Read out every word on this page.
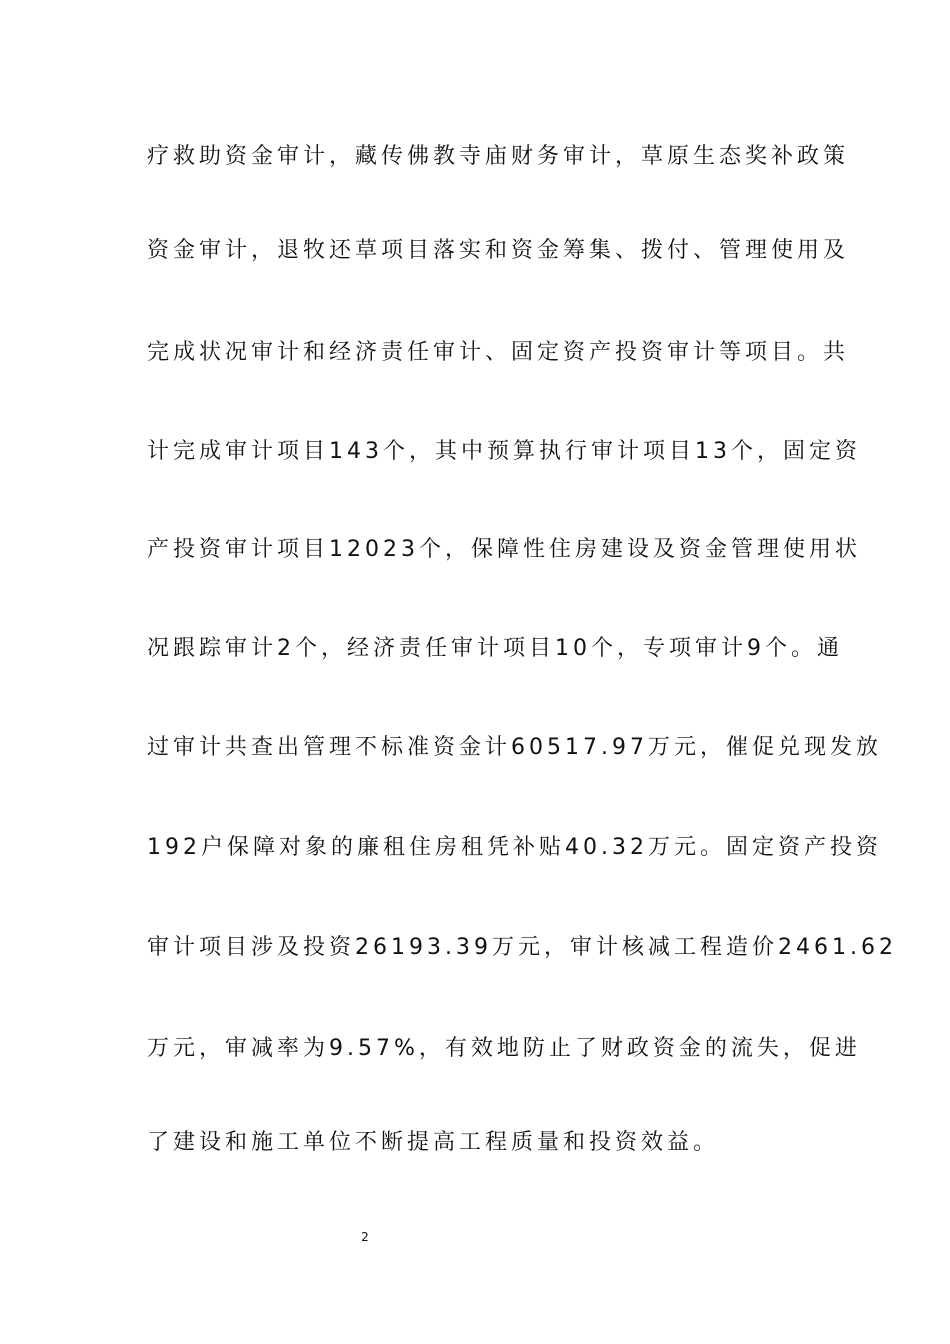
疗救助资金审计，藏传佛教寺庙财务审计，草原生态奖补政策
资金审计，退牧还草项目落实和资金筹集、拨付、管理使用及
完成状况审计和经济责任审计、固定资产投资审计等项目。共
计完成审计项目143个，其中预算执行审计项目13个，固定资
产投资审计项目12023个，保障性住房建设及资金管理使用状
况跟踪审计2个，经济责任审计项目10个，专项审计9个。通
过审计共查出管理不标准资金计60517.97万元，催促兑现发放
192户保障对象的廉租住房租凭补贴40.32万元。固定资产投资
审计项目涉及投资26193.39万元，审计核减工程造价2461.62
万元，审减率为9.57%，有效地防止了财政资金的流失，促进
了建设和施工单位不断提高工程质量和投资效益。
2
